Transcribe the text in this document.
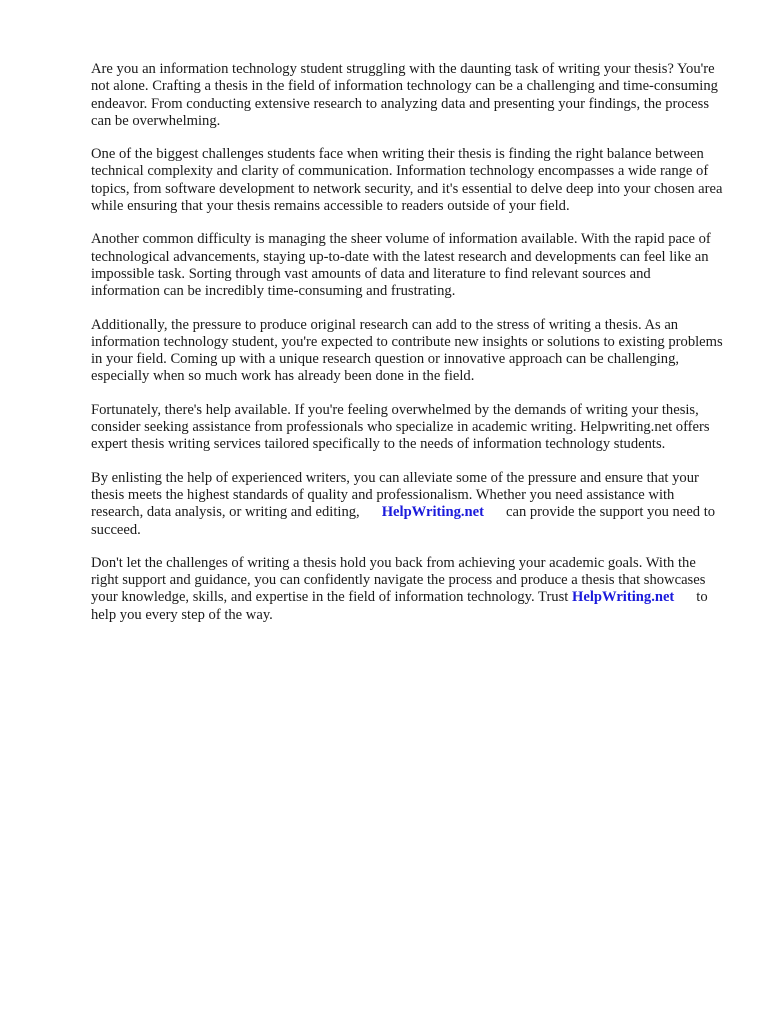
Are you an information technology student struggling with the daunting task of writing your thesis? You're not alone. Crafting a thesis in the field of information technology can be a challenging and time-consuming endeavor. From conducting extensive research to analyzing data and presenting your findings, the process can be overwhelming.

One of the biggest challenges students face when writing their thesis is finding the right balance between technical complexity and clarity of communication. Information technology encompasses a wide range of topics, from software development to network security, and it's essential to delve deep into your chosen area while ensuring that your thesis remains accessible to readers outside of your field.

Another common difficulty is managing the sheer volume of information available. With the rapid pace of technological advancements, staying up-to-date with the latest research and developments can feel like an impossible task. Sorting through vast amounts of data and literature to find relevant sources and information can be incredibly time-consuming and frustrating.

Additionally, the pressure to produce original research can add to the stress of writing a thesis. As an information technology student, you're expected to contribute new insights or solutions to existing problems in your field. Coming up with a unique research question or innovative approach can be challenging, especially when so much work has already been done in the field.

Fortunately, there's help available. If you're feeling overwhelmed by the demands of writing your thesis, consider seeking assistance from professionals who specialize in academic writing. Helpwriting.net offers expert thesis writing services tailored specifically to the needs of information technology students.

By enlisting the help of experienced writers, you can alleviate some of the pressure and ensure that your thesis meets the highest standards of quality and professionalism. Whether you need assistance with research, data analysis, or writing and editing, HelpWriting.net can provide the support you need to succeed.

Don't let the challenges of writing a thesis hold you back from achieving your academic goals. With the right support and guidance, you can confidently navigate the process and produce a thesis that showcases your knowledge, skills, and expertise in the field of information technology. Trust HelpWriting.net to help you every step of the way.
